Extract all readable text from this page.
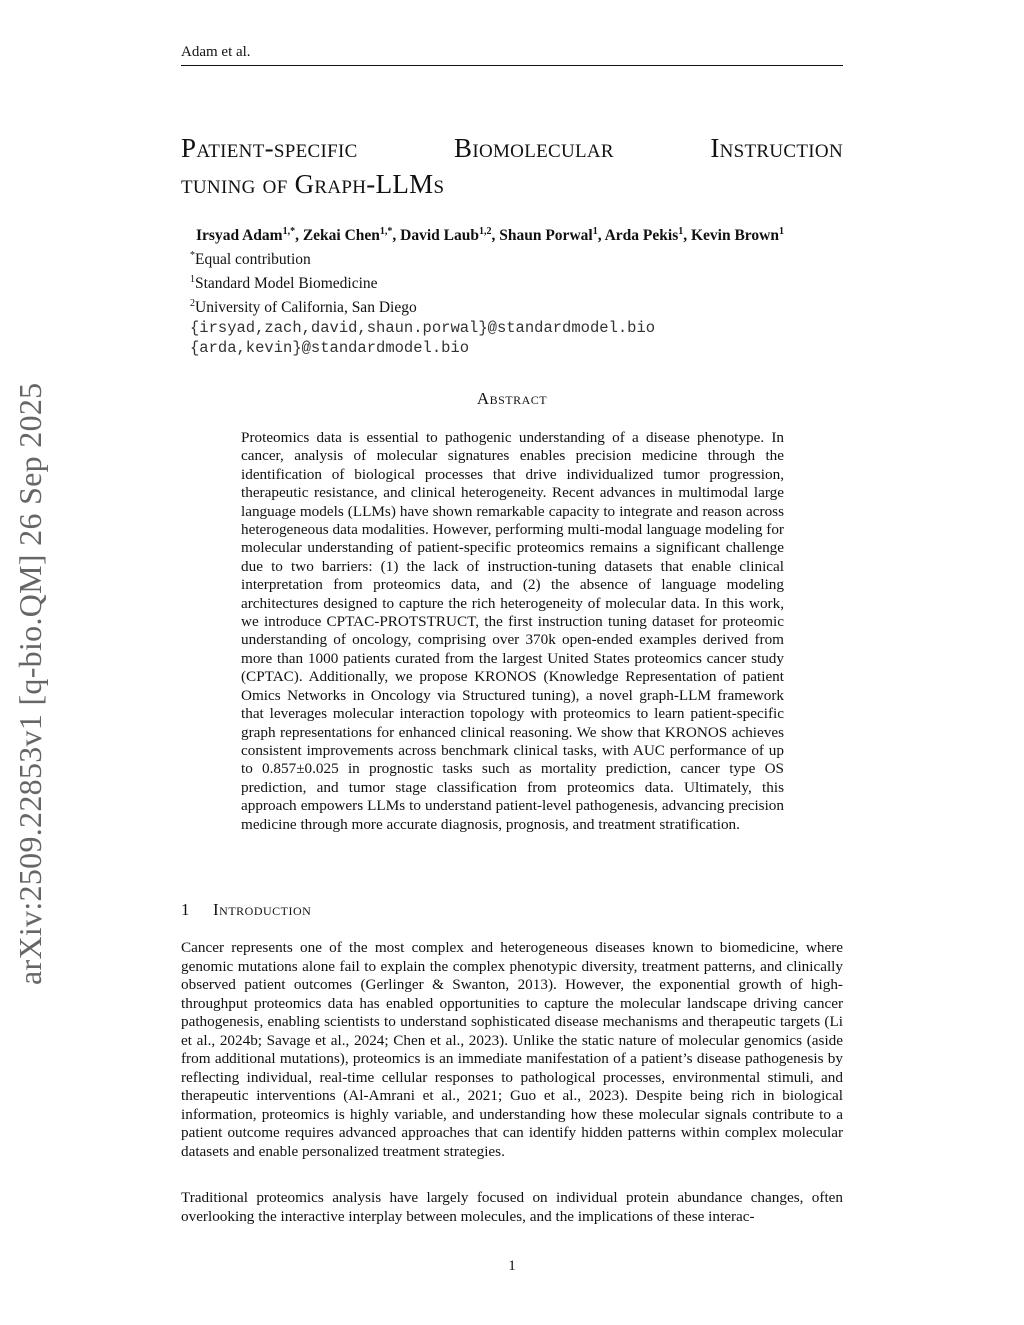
Adam et al.
arXiv:2509.22853v1 [q-bio.QM] 26 Sep 2025
Patient-specific	Biomolecular	Instruction
tuning of Graph-LLMs
Irsyad Adam$^{1,*}$, Zekai Chen$^{1,*}$, David Laub$^{1,2}$, Shaun Porwal$^1$, Arda Pekis$^1$, Kevin Brown$^1$
*Equal contribution
$^1$Standard Model Biomedicine
$^2$University of California, San Diego
{irsyad,zach,david,shaun.porwal}@standardmodel.bio
{arda,kevin}@standardmodel.bio
Abstract
Proteomics data is essential to pathogenic understanding of a disease phenotype. In cancer, analysis of molecular signatures enables precision medicine through the identification of biological processes that drive individualized tumor progression, therapeutic resistance, and clinical heterogeneity. Recent advances in multimodal large language models (LLMs) have shown remarkable capacity to integrate and reason across heterogeneous data modalities. However, performing multi-modal language modeling for molecular understanding of patient-specific proteomics remains a significant challenge due to two barriers: (1) the lack of instruction-tuning datasets that enable clinical interpretation from proteomics data, and (2) the absence of language modeling architectures designed to capture the rich heterogeneity of molecular data. In this work, we introduce CPTAC-PROTSTRUCT, the first instruction tuning dataset for proteomic understanding of oncology, comprising over 370k open-ended examples derived from more than 1000 patients curated from the largest United States proteomics cancer study (CPTAC). Additionally, we propose KRONOS (Knowledge Representation of patient Omics Networks in Oncology via Structured tuning), a novel graph-LLM framework that leverages molecular interaction topology with proteomics to learn patient-specific graph representations for enhanced clinical reasoning. We show that KRONOS achieves consistent improvements across benchmark clinical tasks, with AUC performance of up to 0.857±0.025 in prognostic tasks such as mortality prediction, cancer type OS prediction, and tumor stage classification from proteomics data. Ultimately, this approach empowers LLMs to understand patient-level pathogenesis, advancing precision medicine through more accurate diagnosis, prognosis, and treatment stratification.
1 Introduction
Cancer represents one of the most complex and heterogeneous diseases known to biomedicine, where genomic mutations alone fail to explain the complex phenotypic diversity, treatment patterns, and clinically observed patient outcomes (Gerlinger & Swanton, 2013). However, the exponential growth of high-throughput proteomics data has enabled opportunities to capture the molecular landscape driving cancer pathogenesis, enabling scientists to understand sophisticated disease mechanisms and therapeutic targets (Li et al., 2024b; Savage et al., 2024; Chen et al., 2023). Unlike the static nature of molecular genomics (aside from additional mutations), proteomics is an immediate manifestation of a patient’s disease pathogenesis by reflecting individual, real-time cellular responses to pathological processes, environmental stimuli, and therapeutic interventions (Al-Amrani et al., 2021; Guo et al., 2023). Despite being rich in biological information, proteomics is highly variable, and understanding how these molecular signals contribute to a patient outcome requires advanced approaches that can identify hidden patterns within complex molecular datasets and enable personalized treatment strategies.
Traditional proteomics analysis have largely focused on individual protein abundance changes, often overlooking the interactive interplay between molecules, and the implications of these interac-
1
